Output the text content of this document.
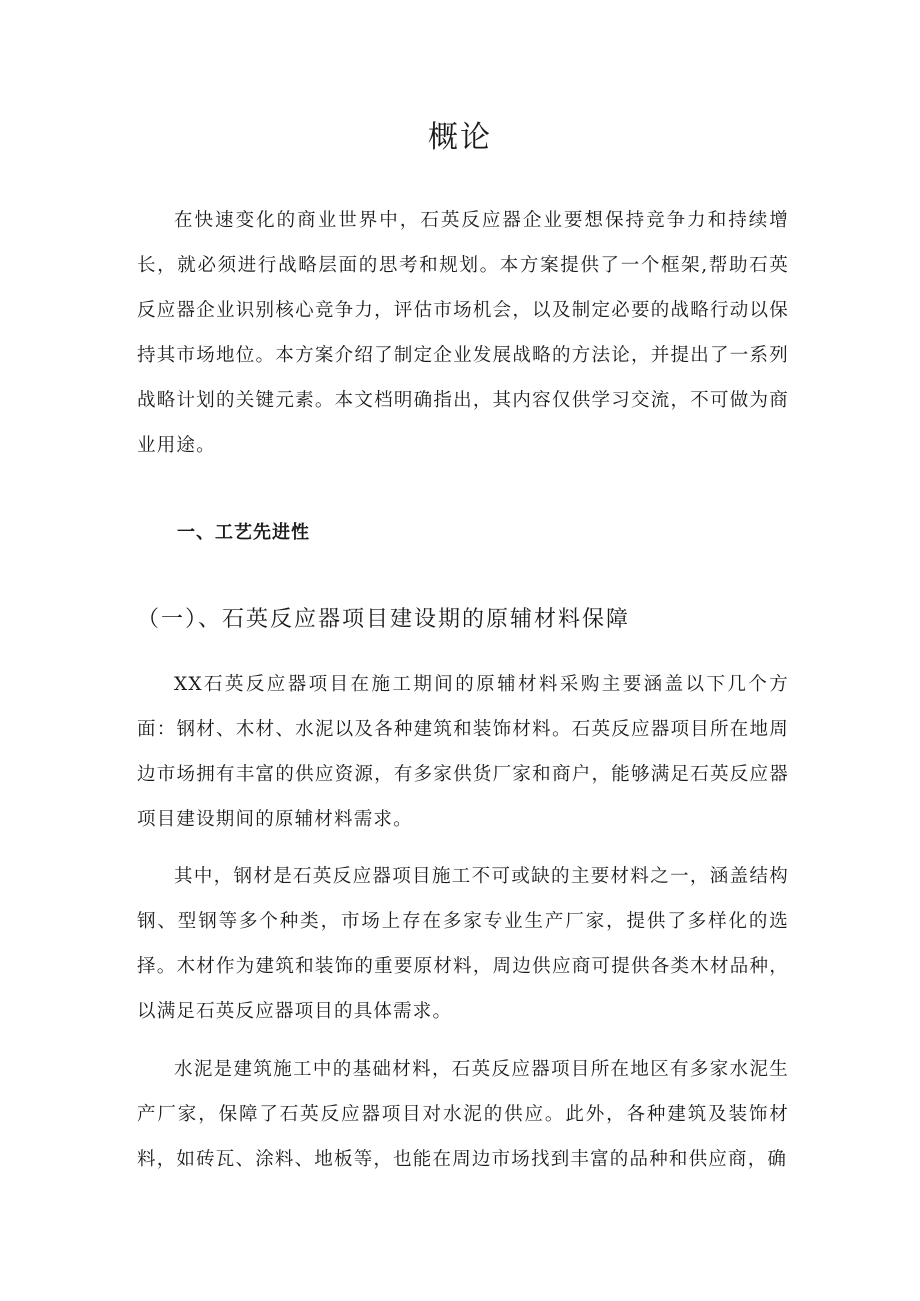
概论

在快速变化的商业世界中，石英反应器企业要想保持竞争力和持续增长，就必须进行战略层面的思考和规划。本方案提供了一个框架,帮助石英反应器企业识别核心竞争力，评估市场机会，以及制定必要的战略行动以保持其市场地位。本方案介绍了制定企业发展战略的方法论，并提出了一系列战略计划的关键元素。本文档明确指出，其内容仅供学习交流，不可做为商业用途。

一、工艺先进性
（一）、石英反应器项目建设期的原辅材料保障

XX石英反应器项目在施工期间的原辅材料采购主要涵盖以下几个方面：钢材、木材、水泥以及各种建筑和装饰材料。石英反应器项目所在地周边市场拥有丰富的供应资源，有多家供货厂家和商户，能够满足石英反应器项目建设期间的原辅材料需求。

其中，钢材是石英反应器项目施工不可或缺的主要材料之一，涵盖结构钢、型钢等多个种类，市场上存在多家专业生产厂家，提供了多样化的选择。木材作为建筑和装饰的重要原材料，周边供应商可提供各类木材品种，以满足石英反应器项目的具体需求。

水泥是建筑施工中的基础材料，石英反应器项目所在地区有多家水泥生产厂家，保障了石英反应器项目对水泥的供应。此外，各种建筑及装饰材料，如砖瓦、涂料、地板等，也能在周边市场找到丰富的品种和供应商，确
